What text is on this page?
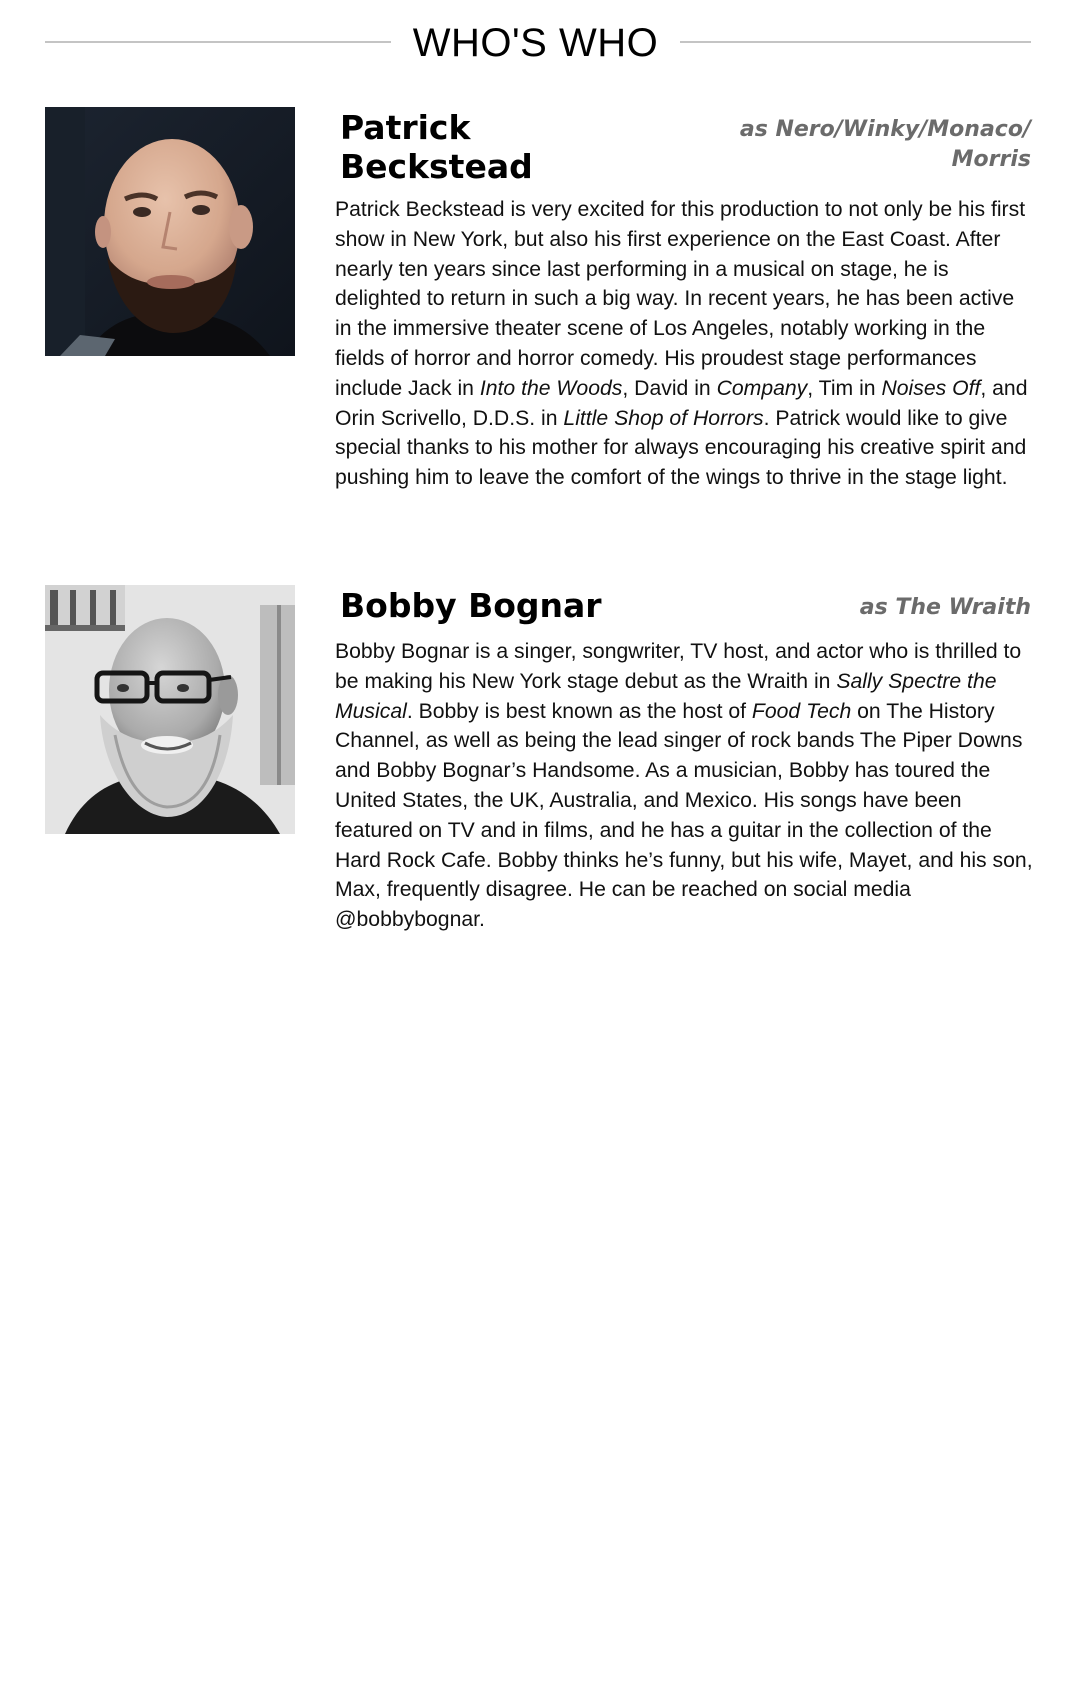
WHO'S WHO
Patrick Beckstead
as Nero/Winky/Monaco/ Morris
Patrick Beckstead is very excited for this production to not only be his first show in New York, but also his first experience on the East Coast. After nearly ten years since last performing in a musical on stage, he is delighted to return in such a big way. In recent years, he has been active in the immersive theater scene of Los Angeles, notably working in the fields of horror and horror comedy. His proudest stage performances include Jack in Into the Woods, David in Company, Tim in Noises Off, and Orin Scrivello, D.D.S. in Little Shop of Horrors. Patrick would like to give special thanks to his mother for always encouraging his creative spirit and pushing him to leave the comfort of the wings to thrive in the stage light.
Bobby Bognar	as The Wraith
Bobby Bognar is a singer, songwriter, TV host, and actor who is thrilled to be making his New York stage debut as the Wraith in Sally Spectre the Musical. Bobby is best known as the host of Food Tech on The History Channel, as well as being the lead singer of rock bands The Piper Downs and Bobby Bognar’s Handsome. As a musician, Bobby has toured the United States, the UK, Australia, and Mexico. His songs have been featured on TV and in films, and he has a guitar in the collection of the Hard Rock Cafe. Bobby thinks he’s funny, but his wife, Mayet, and his son, Max, frequently disagree. He can be reached on social media @bobbybognar.
